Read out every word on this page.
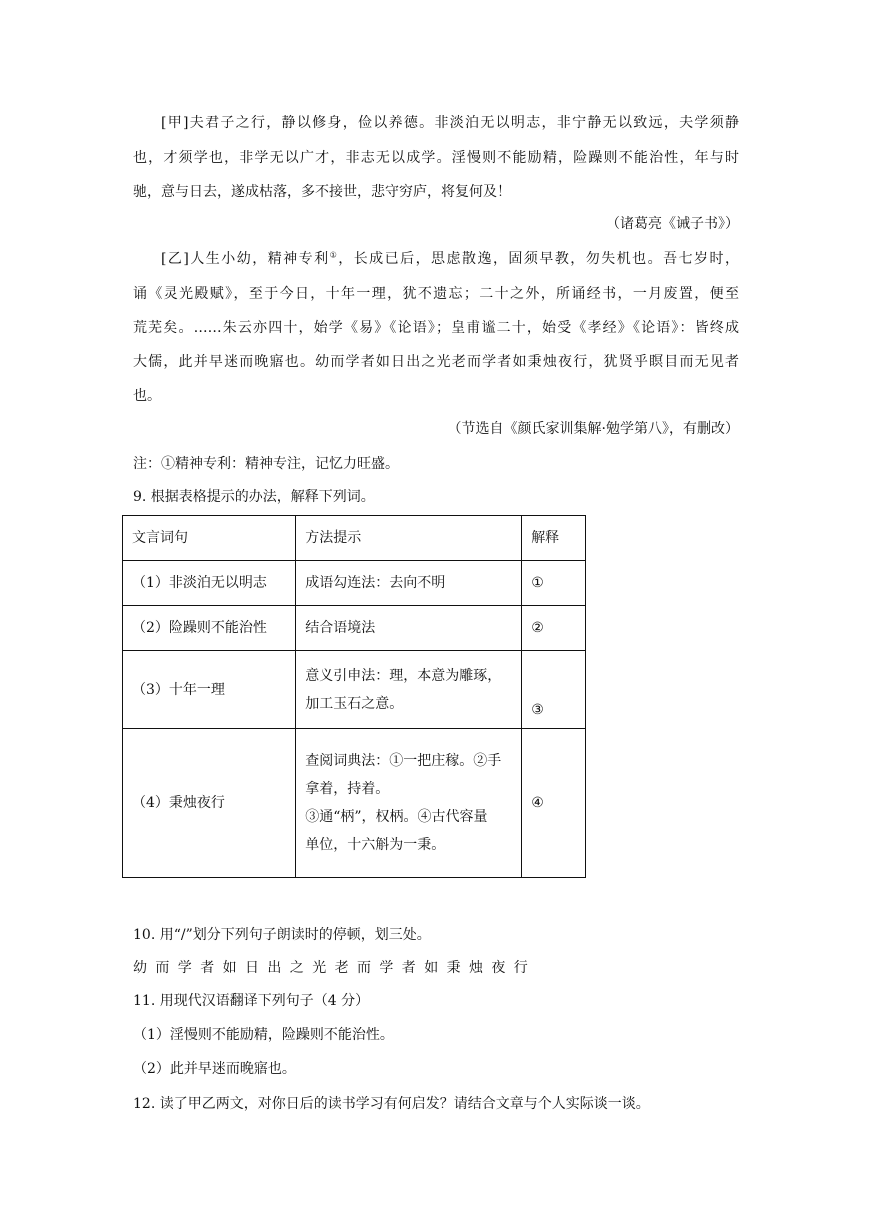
[甲]夫君子之行，静以修身，俭以养德。非淡泊无以明志，非宁静无以致远，夫学须静
也，才须学也，非学无以广才，非志无以成学。淫慢则不能励精，险躁则不能治性，年与时
驰，意与日去，遂成枯落，多不接世，悲守穷庐，将复何及！
（诸葛亮《诫子书》）
[乙]人生小幼，精神专利①，长成已后，思虑散逸，固须早教，勿失机也。吾七岁时，
诵《灵光殿赋》，至于今日，十年一理，犹不遗忘；二十之外，所诵经书，一月废置，便至
荒芜矣。……朱云亦四十，始学《易》《论语》；皇甫谧二十，始受《孝经》《论语》：皆终成
大儒，此并早迷而晚寤也。幼而学者如日出之光老而学者如秉烛夜行，犹贤乎瞑目而无见者
也。
（节选自《颜氏家训集解·勉学第八》，有删改）
注：①精神专利：精神专注，记忆力旺盛。
9. 根据表格提示的办法，解释下列词。
文言词句	方法提示	解释
（1）非淡泊无以明志	成语勾连法：去向不明	①
（2）险躁则不能治性	结合语境法	②
（3）十年一理	意义引申法：理，本意为雕琢，
加工玉石之意。	③
（4）秉烛夜行	查阅词典法：①一把庄稼。②手
拿着，持着。
③通“柄”，权柄。④古代容量
单位，十六斛为一秉。	④
10. 用“/”划分下列句子朗读时的停顿，划三处。
幼而学者如日出之光老而学者如秉烛夜行
11. 用现代汉语翻译下列句子（4 分）
（1）淫慢则不能励精，险躁则不能治性。
（2）此并早迷而晚寤也。
12. 读了甲乙两文，对你日后的读书学习有何启发？请结合文章与个人实际谈一谈。
